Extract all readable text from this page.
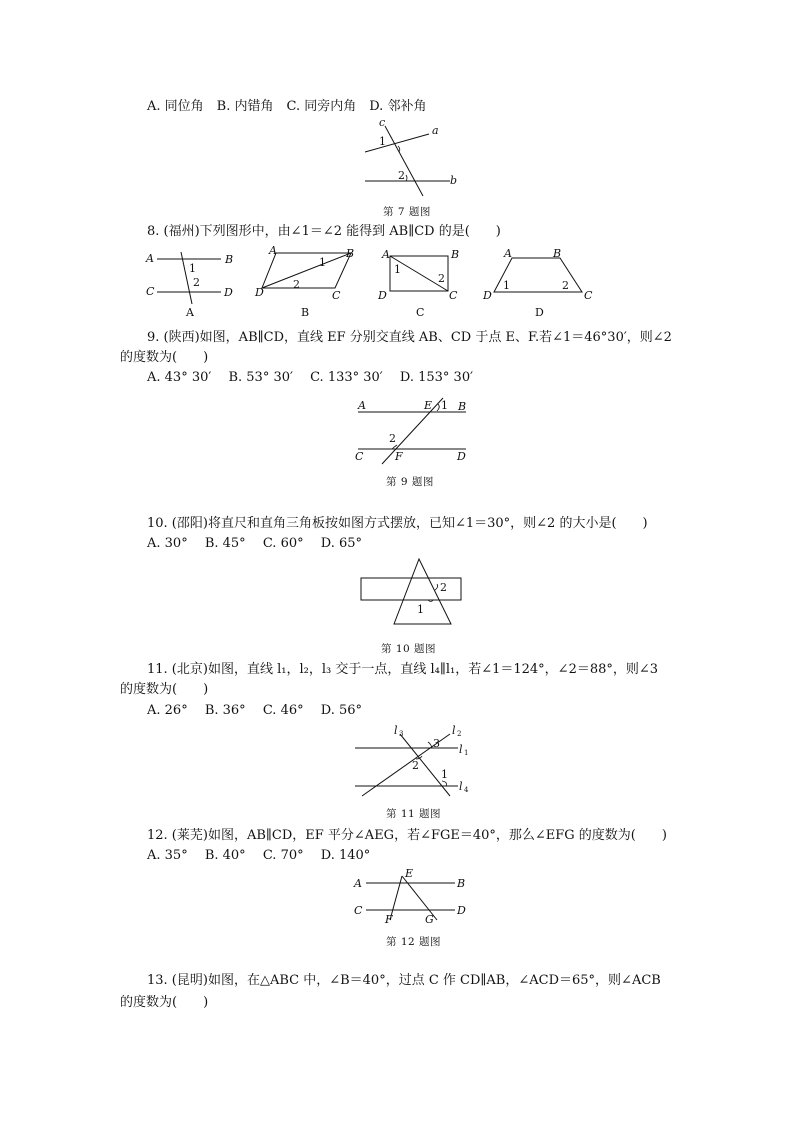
A. 同位角　B. 内错角　C. 同旁内角　D. 邻补角
c
a
b
1
2
第 7 题图
8. (福州)下列图形中，由∠1＝∠2 能得到 AB∥CD 的是(　　)
A	B
C	D
1
2
A
A	B
C
D
1
2
B
A	B
C
D
1
2
C
A	B
C
D
1	2
D
9. (陕西)如图，AB∥CD，直线 EF 分别交直线 AB、CD 于点 E、F.若∠1＝46°30′，则∠2
的度数为(　　)
A. 43° 30′　 B. 53° 30′　 C. 133° 30′　 D. 153° 30′
A	E 1 B
2
C	F	D
第 9 题图
10. (邵阳)将直尺和直角三角板按如图方式摆放，已知∠1＝30°，则∠2 的大小是(　　)
A. 30°　 B. 45°　 C. 60°　 D. 65°
2
1
第 10 题图
11. (北京)如图，直线 l₁，l₂，l₃ 交于一点，直线 l₄∥l₁，若∠1＝124°，∠2＝88°，则∠3
的度数为(　　)
A. 26°　 B. 36°　 C. 46°　 D. 56°
l 3	l 2
l 1
l 4
3
2
1
第 11 题图
12. (莱芜)如图，AB∥CD，EF 平分∠AEG，若∠FGE＝40°，那么∠EFG 的度数为(　　)
A. 35°　 B. 40°　 C. 70°　 D. 140°
A
E
B
C
F	G
D
第 12 题图
13. (昆明)如图，在△ABC 中，∠B＝40°，过点 C 作 CD∥AB，∠ACD＝65°，则∠ACB
的度数为(　　)
